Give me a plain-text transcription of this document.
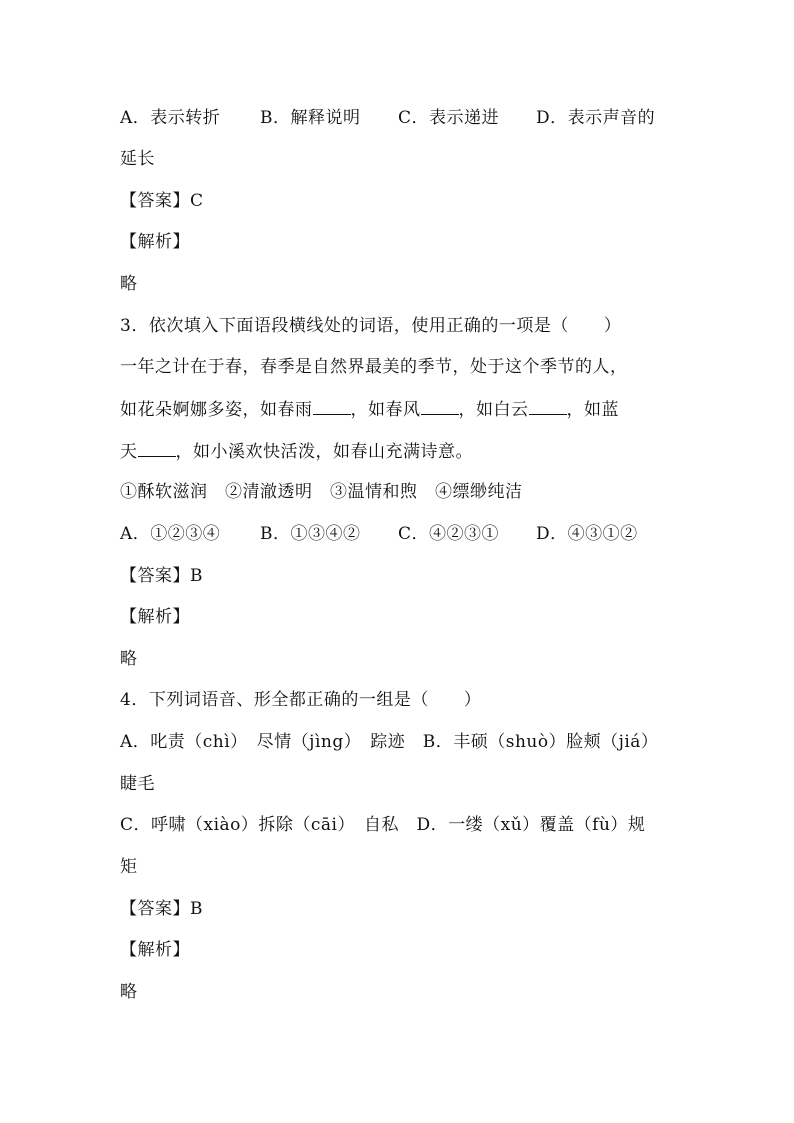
A．表示转折 B．解释说明 C．表示递进 D．表示声音的
延长
【答案】C
【解析】
略
3．依次填入下面语段横线处的词语，使用正确的一项是（　　）
一年之计在于春，春季是自然界最美的季节，处于这个季节的人，
如花朵婀娜多姿，如春雨 ，如春风 ，如白云 ，如蓝
天 ，如小溪欢快活泼，如春山充满诗意。
①酥软滋润　②清澈透明　③温情和煦　④缥缈纯洁
A．①②③④ B．①③④② C．④②③① D．④③①②
【答案】B
【解析】
略
4．下列词语音、形全都正确的一组是（　　）
A．叱责（chì）　尽情（jìng）　踪迹　B．丰硕（shuò）脸颊（jiá）
睫毛
C．呼啸（xiào）拆除（cāi）　自私　D．一缕（xǔ）覆盖（fù）规
矩
【答案】B
【解析】
略
